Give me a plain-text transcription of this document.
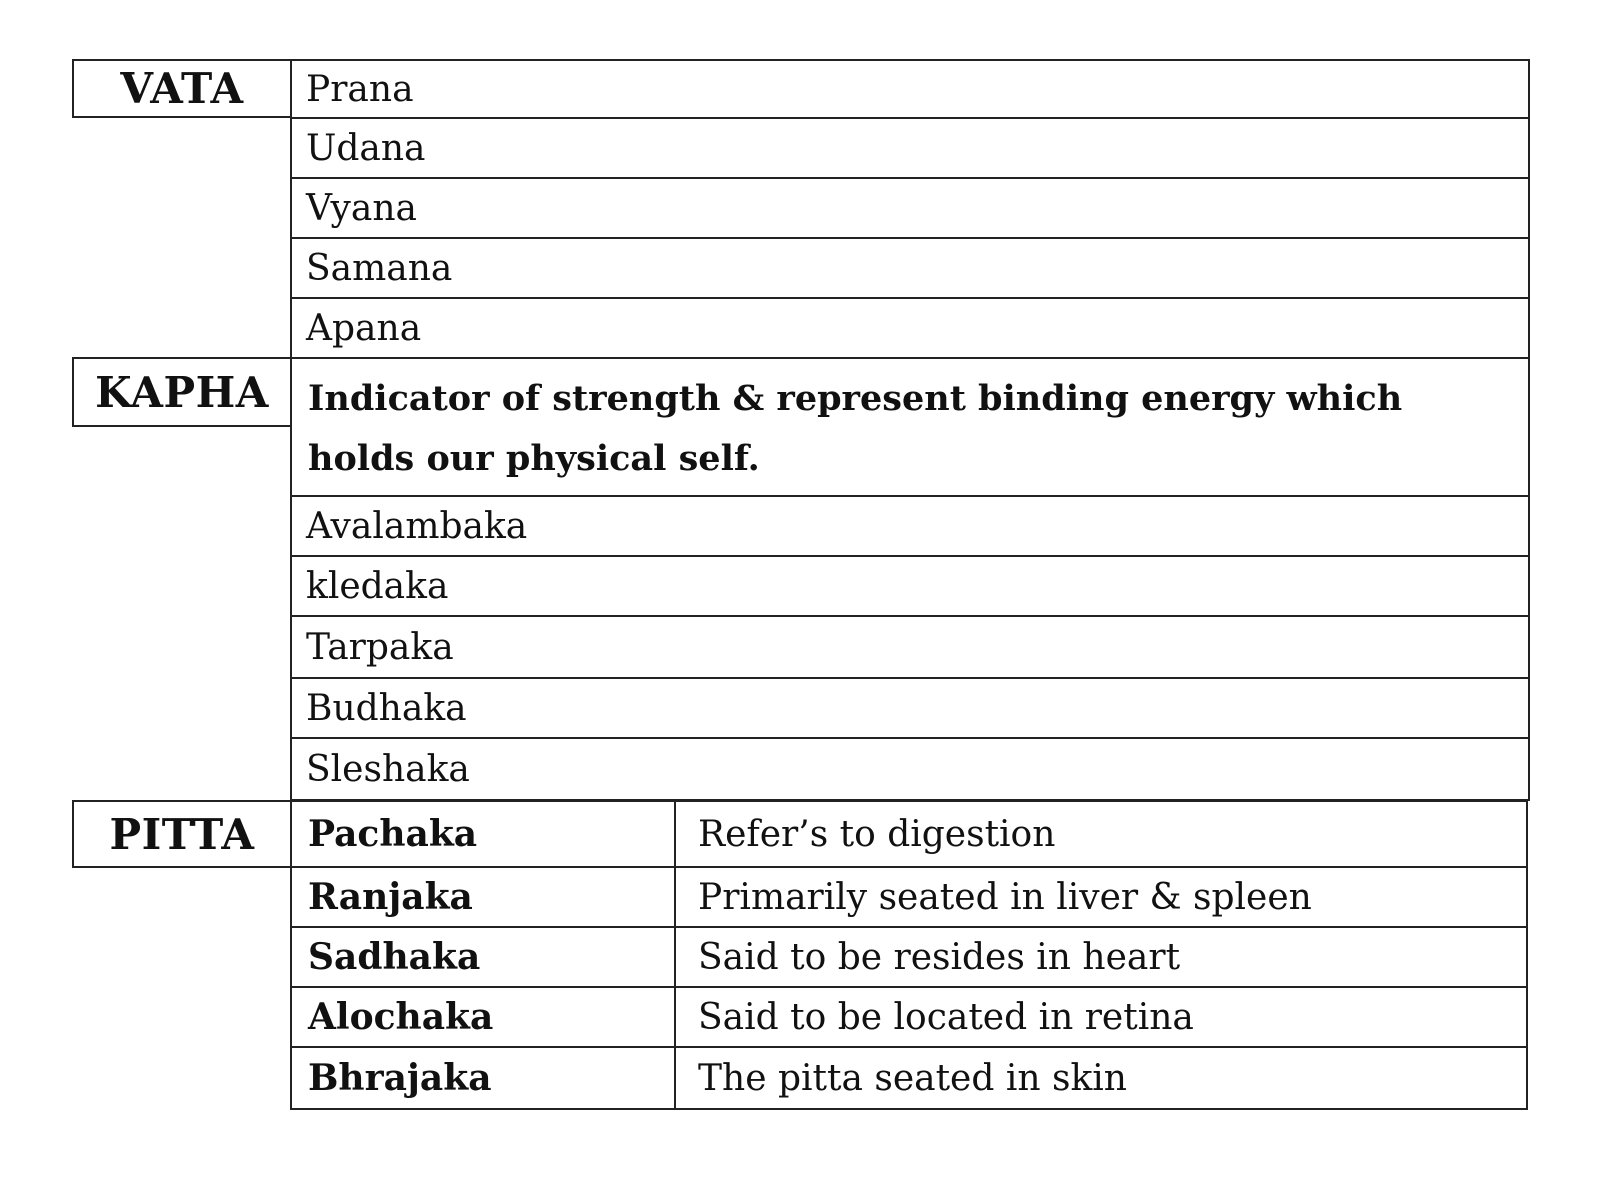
VATA	Prana
Udana
Vyana
Samana
Apana
KAPHA	Indicator of strength & represent binding energy which holds our physical self.
Avalambaka
kledaka
Tarpaka
Budhaka
Sleshaka
PITTA	Pachaka	Refer’s to digestion
Ranjaka	Primarily seated in liver & spleen
Sadhaka	Said to be resides in heart
Alochaka	Said to be located in retina
Bhrajaka	The pitta seated in skin
